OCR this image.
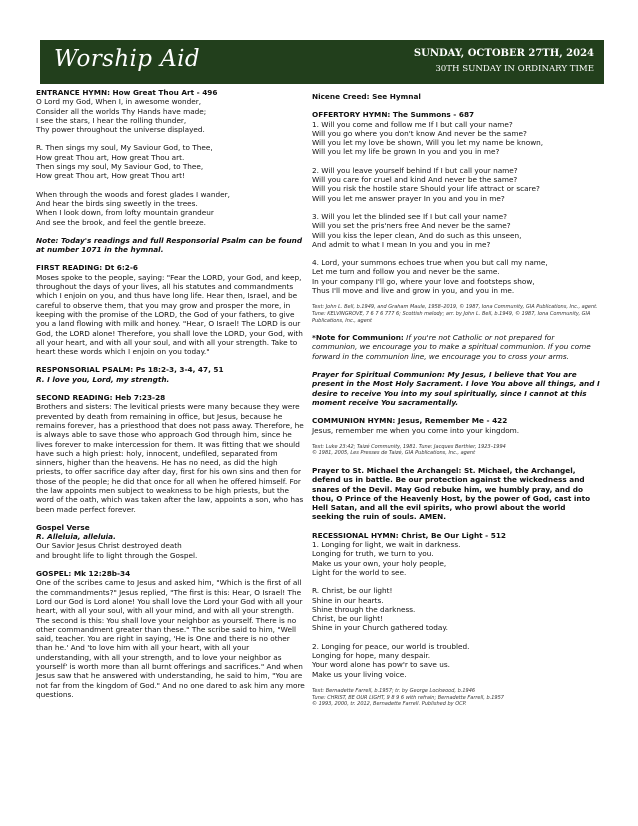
Worship Aid	SUNDAY, OCTOBER 27TH, 2024
30TH SUNDAY IN ORDINARY TIME
ENTRANCE HYMN: How Great Thou Art - 496
O Lord my God, When I, in awesome wonder,
Consider all the worlds Thy Hands have made;
I see the stars, I hear the rolling thunder,
Thy power throughout the universe displayed.
R. Then sings my soul, My Saviour God, to Thee,
How great Thou art, How great Thou art.
Then sings my soul, My Saviour God, to Thee,
How great Thou art, How great Thou art!
When through the woods and forest glades I wander,
And hear the birds sing sweetly in the trees.
When I look down, from lofty mountain grandeur
And see the brook, and feel the gentle breeze.
Note: Today's readings and full Responsorial Psalm can be found at number 1071 in the hymnal.
FIRST READING: Dt 6:2-6
Moses spoke to the people, saying: "Fear the LORD, your God, and keep, throughout the days of your lives, all his statutes and commandments which I enjoin on you, and thus have long life. Hear then, Israel, and be careful to observe them, that you may grow and prosper the more, in keeping with the promise of the LORD, the God of your fathers, to give you a land flowing with milk and honey. "Hear, O Israel! The LORD is our God, the LORD alone! Therefore, you shall love the LORD, your God, with all your heart, and with all your soul, and with all your strength. Take to heart these words which I enjoin on you today."
RESPONSORIAL PSALM: Ps 18:2-3, 3-4, 47, 51
R. I love you, Lord, my strength.
SECOND READING: Heb 7:23-28
Brothers and sisters: The levitical priests were many because they were prevented by death from remaining in office, but Jesus, because he remains forever, has a priesthood that does not pass away. Therefore, he is always able to save those who approach God through him, since he lives forever to make intercession for them. It was fitting that we should have such a high priest: holy, innocent, undefiled, separated from sinners, higher than the heavens. He has no need, as did the high priests, to offer sacrifice day after day, first for his own sins and then for those of the people; he did that once for all when he offered himself. For the law appoints men subject to weakness to be high priests, but the word of the oath, which was taken after the law, appoints a son, who has been made perfect forever.
Gospel Verse
R. Alleluia, alleluia.
Our Savior Jesus Christ destroyed death
and brought life to light through the Gospel.
GOSPEL: Mk 12:28b-34
One of the scribes came to Jesus and asked him, "Which is the first of all the commandments?" Jesus replied, "The first is this: Hear, O Israel! The Lord our God is Lord alone! You shall love the Lord your God with all your heart, with all your soul, with all your mind, and with all your strength. The second is this: You shall love your neighbor as yourself. There is no other commandment greater than these." The scribe said to him, "Well said, teacher. You are right in saying, 'He is One and there is no other than he.' And 'to love him with all your heart, with all your understanding, with all your strength, and to love your neighbor as yourself' is worth more than all burnt offerings and sacrifices." And when Jesus saw that he answered with understanding, he said to him, "You are not far from the kingdom of God." And no one dared to ask him any more questions.
Nicene Creed: See Hymnal
OFFERTORY HYMN: The Summons - 687
1. Will you come and follow me If I but call your name?
Will you go where you don't know And never be the same?
Will you let my love be shown, Will you let my name be known,
Will you let my life be grown In you and you in me?
2. Will you leave yourself behind If I but call your name?
Will you care for cruel and kind And never be the same?
Will you risk the hostile stare Should your life attract or scare?
Will you let me answer prayer In you and you in me?
3. Will you let the blinded see If I but call your name?
Will you set the pris'ners free And never be the same?
Will you kiss the leper clean, And do such as this unseen,
And admit to what I mean In you and you in me?
4. Lord, your summons echoes true when you but call my name,
Let me turn and follow you and never be the same.
In your company I'll go, where your love and footsteps show,
Thus I'll move and live and grow in you, and you in me.
Text: John L. Bell, b.1949, and Graham Maule, 1958–2019, © 1987, Iona Community, GIA Publications, Inc., agent.
Tune: KELVINGROVE, 7 6 7 6 777 6; Scottish melody; arr. by John L. Bell, b.1949, © 1987, Iona Community, GIA
Publications, Inc., agent
*Note for Communion: If you're not Catholic or not prepared for communion, we encourage you to make a spiritual communion. If you come forward in the communion line, we encourage you to cross your arms.
Prayer for Spiritual Communion: My Jesus, I believe that You are present in the Most Holy Sacrament. I love You above all things, and I desire to receive You into my soul spiritually, since I cannot at this moment receive You sacramentally.
COMMUNION HYMN: Jesus, Remember Me - 422
Jesus, remember me when you come into your kingdom.
Text: Luke 23:42; Taizé Community, 1981. Tune: Jacques Berthier, 1923–1994
© 1981, 2005, Les Presses de Taizé, GIA Publications, Inc., agent
Prayer to St. Michael the Archangel: St. Michael, the Archangel, defend us in battle. Be our protection against the wickedness and snares of the Devil. May God rebuke him, we humbly pray, and do thou, O Prince of the Heavenly Host, by the power of God, cast into Hell Satan, and all the evil spirits, who prowl about the world seeking the ruin of souls. AMEN.
RECESSIONAL HYMN: Christ, Be Our Light - 512
1. Longing for light, we wait in darkness.
Longing for truth, we turn to you.
Make us your own, your holy people,
Light for the world to see.
R. Christ, be our light!
Shine in our hearts.
Shine through the darkness.
Christ, be our light!
Shine in your Church gathered today.
2. Longing for peace, our world is troubled.
Longing for hope, many despair.
Your word alone has pow'r to save us.
Make us your living voice.
Text: Bernadette Farrell, b.1957; tr. by George Lockwood, b.1946
Tune: CHRIST, BE OUR LIGHT, 9 8 9 6 with refrain; Bernadette Farrell, b.1957
© 1993, 2000, tr. 2012, Bernadette Farrell. Published by OCP.
